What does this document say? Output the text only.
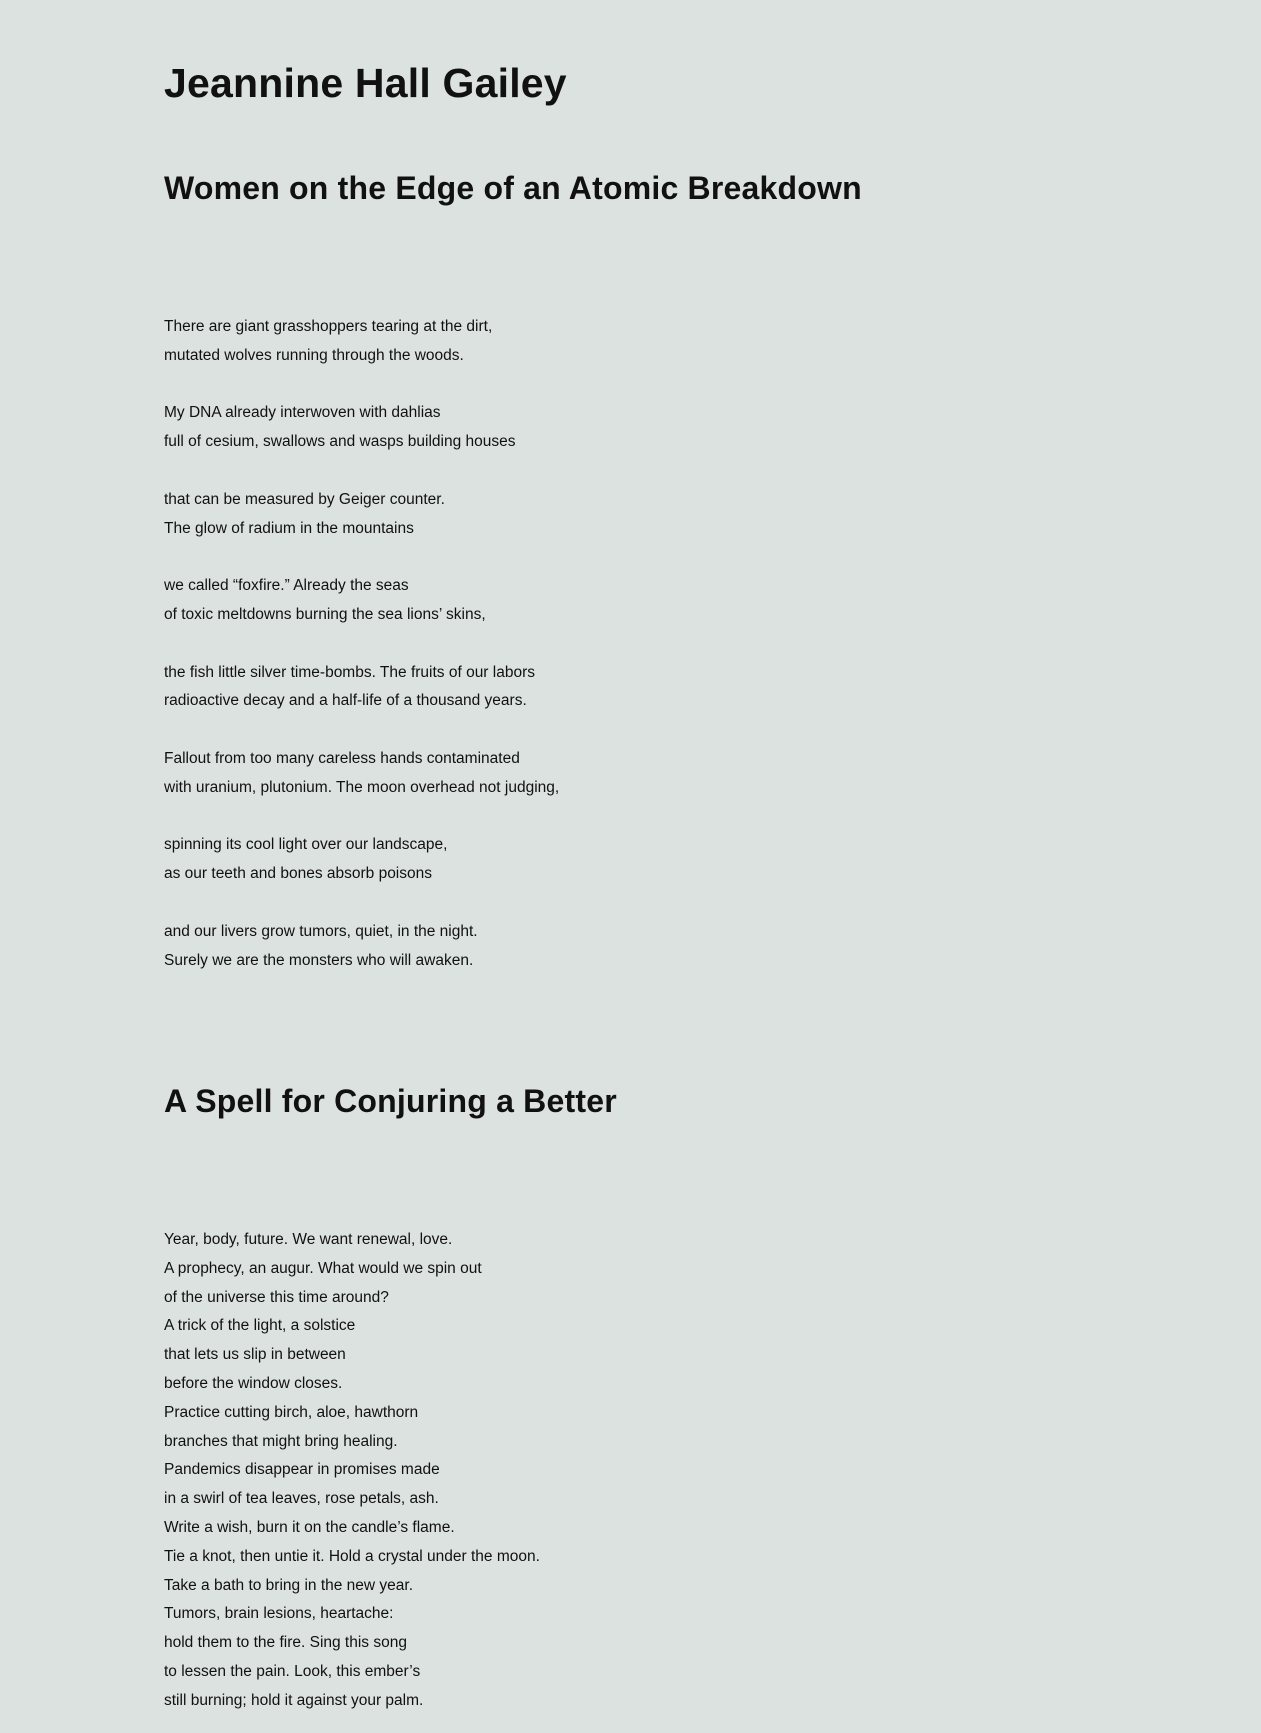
Jeannine Hall Gailey
Women on the Edge of an Atomic Breakdown

There are giant grasshoppers tearing at the dirt,
mutated wolves running through the woods.

My DNA already interwoven with dahlias
full of cesium, swallows and wasps building houses

that can be measured by Geiger counter.
The glow of radium in the mountains

we called “foxfire.” Already the seas
of toxic meltdowns burning the sea lions’ skins,

the fish little silver time-bombs. The fruits of our labors
radioactive decay and a half-life of a thousand years.

Fallout from too many careless hands contaminated
with uranium, plutonium. The moon overhead not judging,

spinning its cool light over our landscape,
as our teeth and bones absorb poisons

and our livers grow tumors, quiet, in the night.
Surely we are the monsters who will awaken.

A Spell for Conjuring a Better

Year, body, future. We want renewal, love.
A prophecy, an augur. What would we spin out
of the universe this time around?
A trick of the light, a solstice
that lets us slip in between
before the window closes.
Practice cutting birch, aloe, hawthorn
branches that might bring healing.
Pandemics disappear in promises made
in a swirl of tea leaves, rose petals, ash.
Write a wish, burn it on the candle’s flame.
Tie a knot, then untie it. Hold a crystal under the moon.
Take a bath to bring in the new year.
Tumors, brain lesions, heartache:
hold them to the fire. Sing this song
to lessen the pain. Look, this ember’s
still burning; hold it against your palm.
